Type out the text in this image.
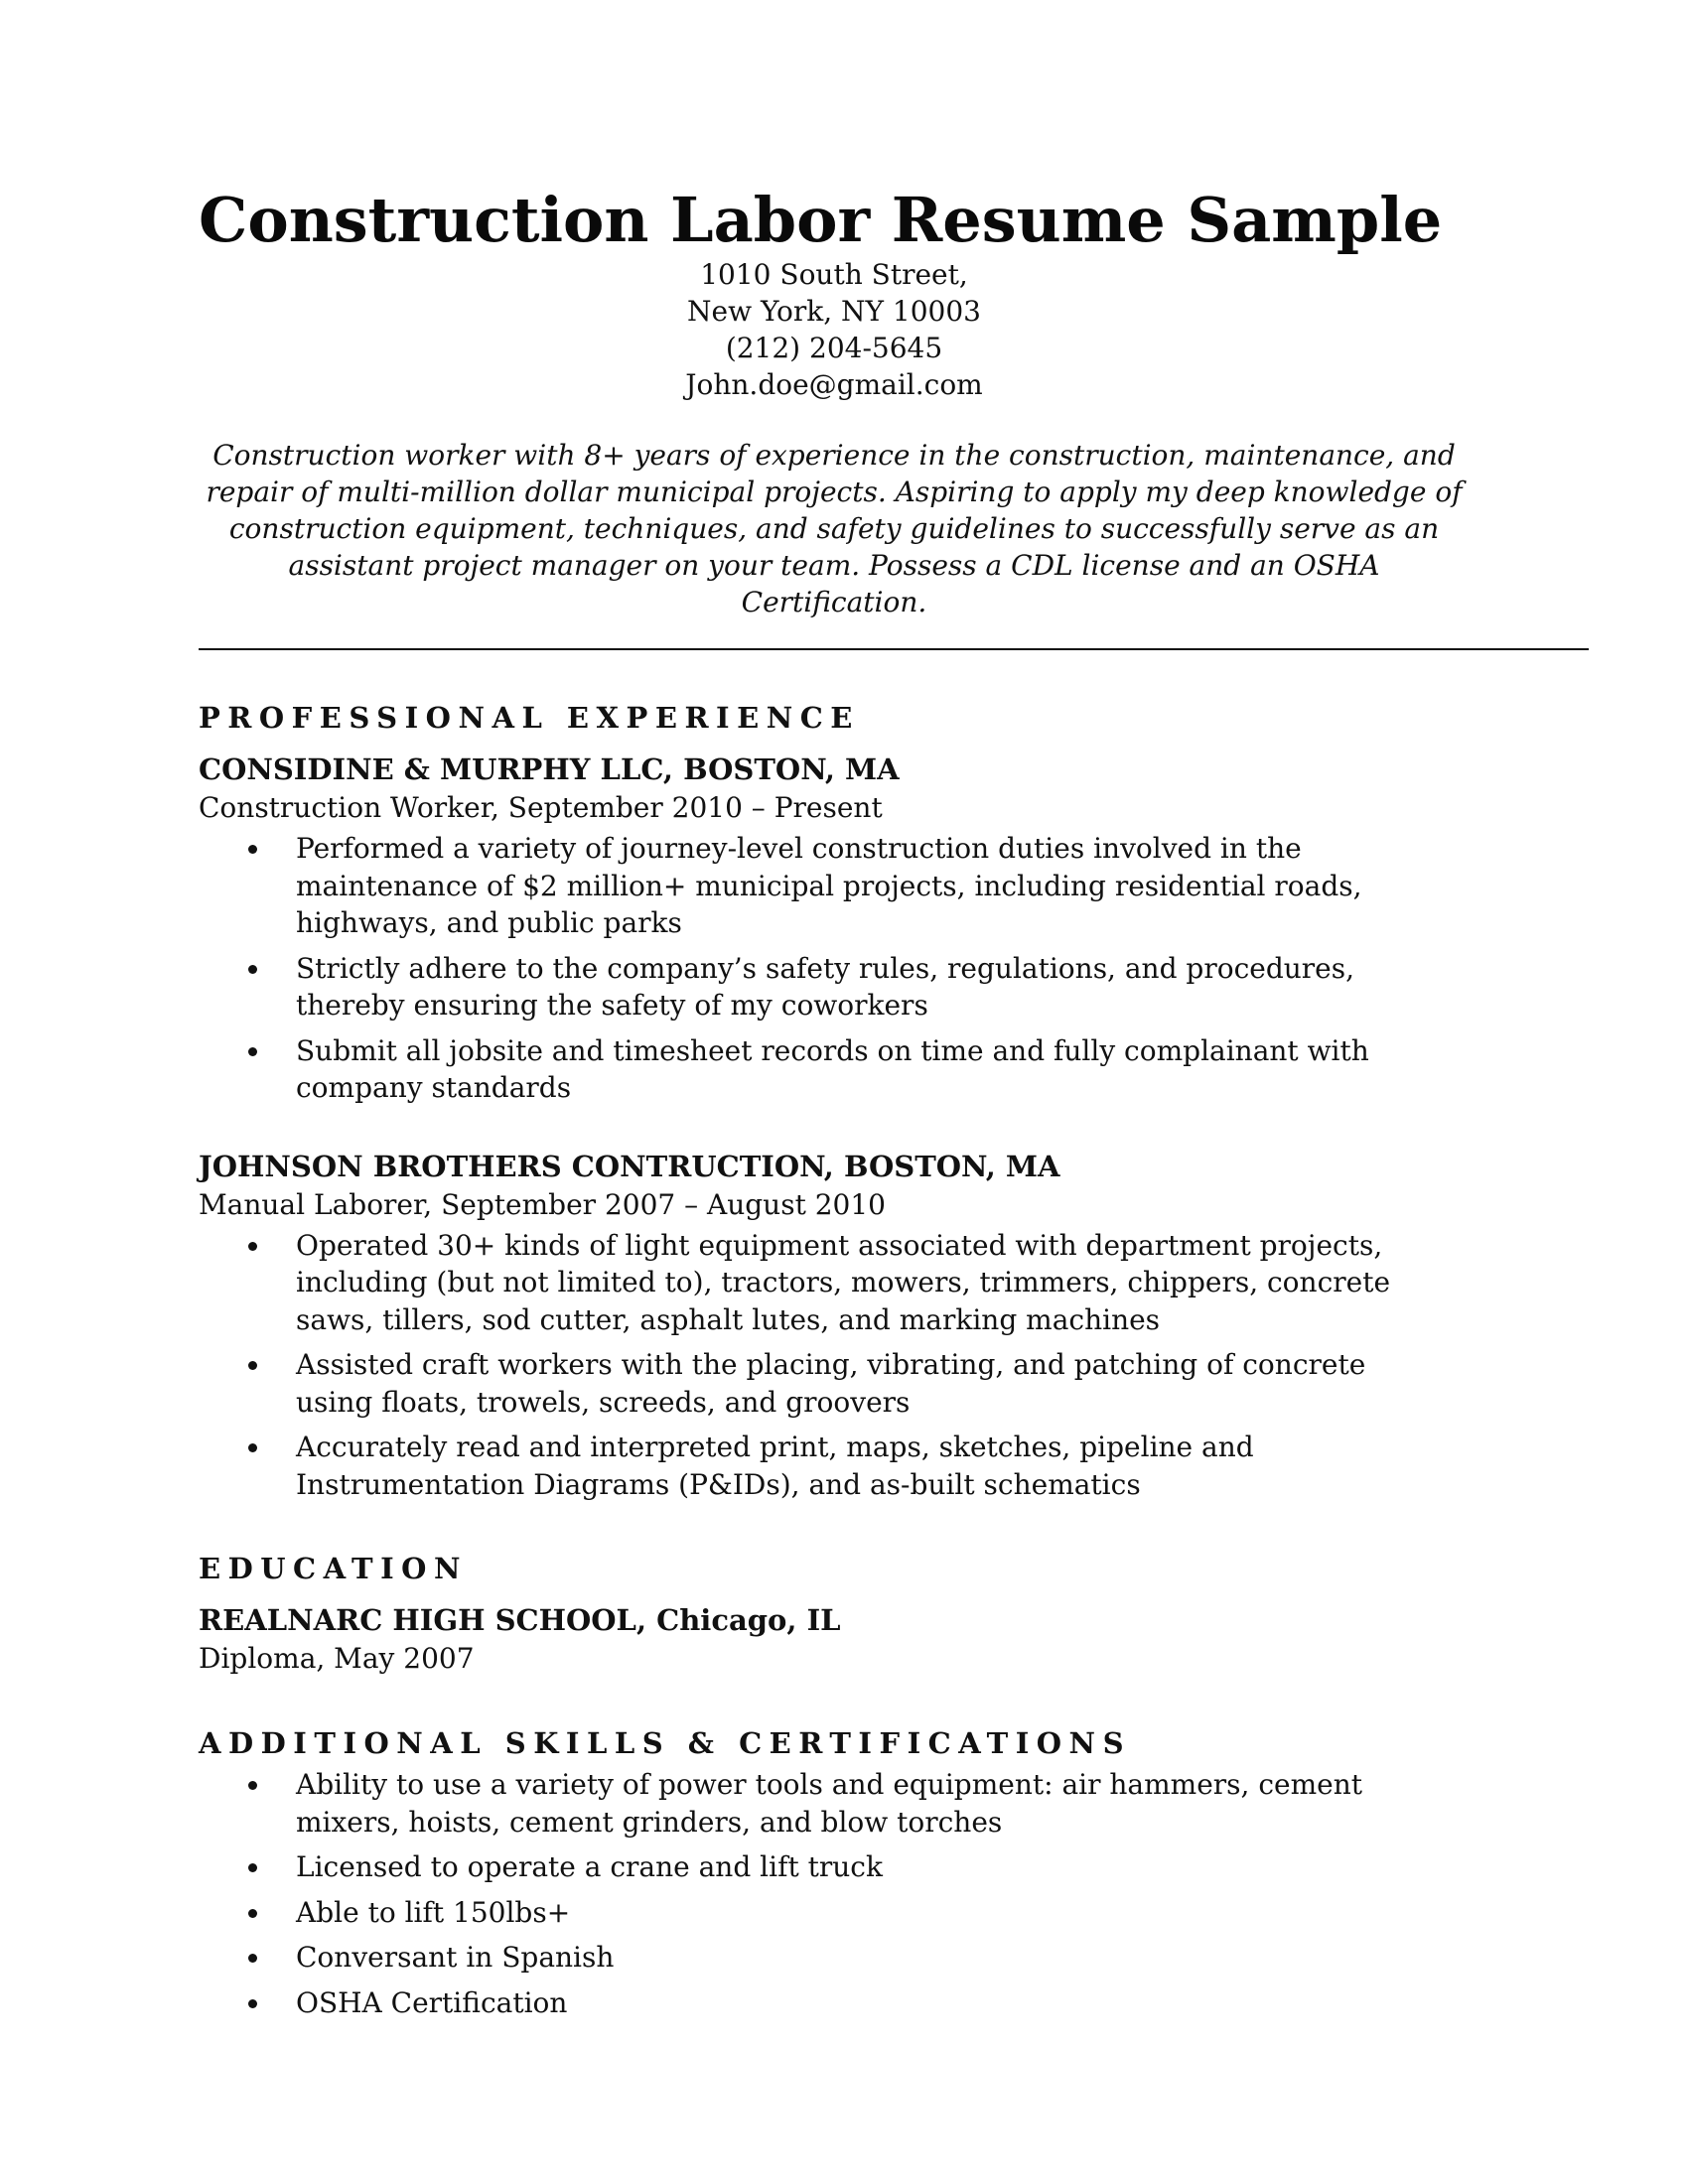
Construction Labor Resume Sample
1010 South Street,
New York, NY 10003
(212) 204-5645
John.doe@gmail.com
Construction worker with 8+ years of experience in the construction, maintenance, and repair of multi-million dollar municipal projects. Aspiring to apply my deep knowledge of construction equipment, techniques, and safety guidelines to successfully serve as an assistant project manager on your team. Possess a CDL license and an OSHA Certification.
PROFESSIONAL EXPERIENCE
CONSIDINE & MURPHY LLC, BOSTON, MA
Construction Worker, September 2010 – Present
Performed a variety of journey-level construction duties involved in the maintenance of $2 million+ municipal projects, including residential roads, highways, and public parks
Strictly adhere to the company’s safety rules, regulations, and procedures, thereby ensuring the safety of my coworkers
Submit all jobsite and timesheet records on time and fully complainant with company standards
JOHNSON BROTHERS CONTRUCTION, BOSTON, MA
Manual Laborer, September 2007 – August 2010
Operated 30+ kinds of light equipment associated with department projects, including (but not limited to), tractors, mowers, trimmers, chippers, concrete saws, tillers, sod cutter, asphalt lutes, and marking machines
Assisted craft workers with the placing, vibrating, and patching of concrete using floats, trowels, screeds, and groovers
Accurately read and interpreted print, maps, sketches, pipeline and Instrumentation Diagrams (P&IDs), and as-built schematics
EDUCATION
REALNARC HIGH SCHOOL, Chicago, IL
Diploma, May 2007
ADDITIONAL SKILLS & CERTIFICATIONS
Ability to use a variety of power tools and equipment: air hammers, cement mixers, hoists, cement grinders, and blow torches
Licensed to operate a crane and lift truck
Able to lift 150lbs+
Conversant in Spanish
OSHA Certification
